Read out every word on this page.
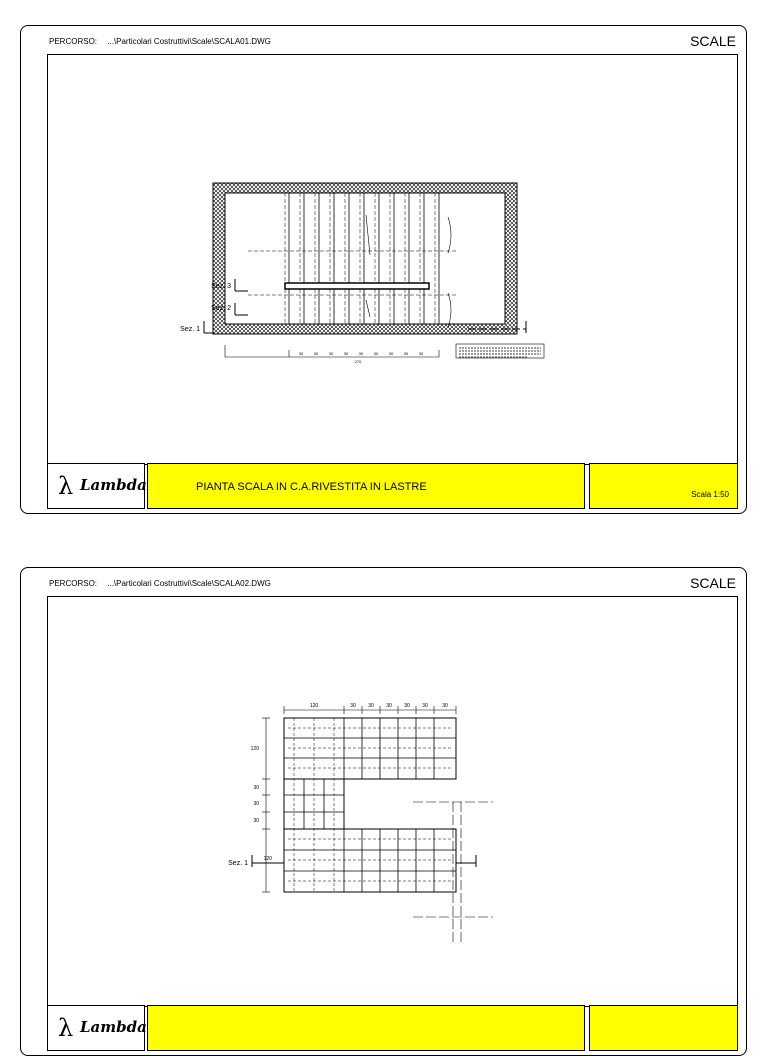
PERCORSO: ...\Particolari Costruttivi\Scale\SCALA01.DWG	SCALE
Sez. 3
Sez. 2
Sez. 1
30	30	30	30	30	30	30	30	30
270
λ Lambda	PIANTA SCALA IN C.A.RIVESTITA IN LASTRE
Scala 1:50
PERCORSO: ...\Particolari Costruttivi\Scale\SCALA02.DWG	SCALE
120	30 30 30 30 30	30
120
30
30
30
120
Sez. 1
λ Lambda
